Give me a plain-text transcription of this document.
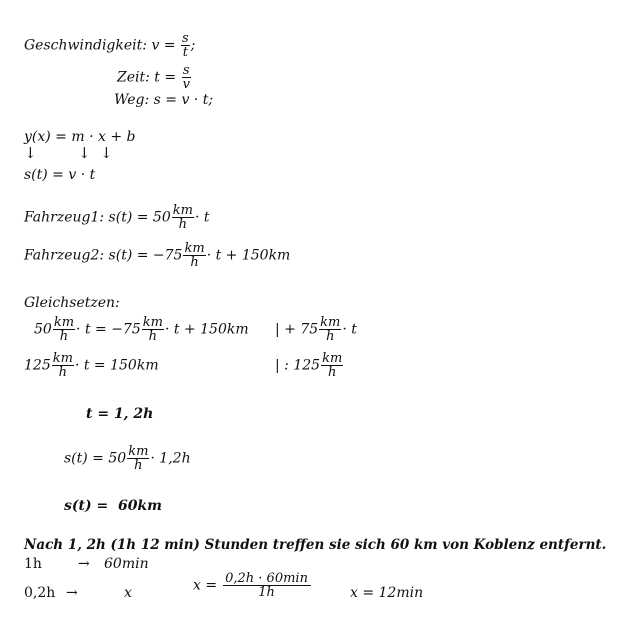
Geschwindigkeit: $v = \frac{s}{t}$ ;
Zeit: $t = \frac{s}{v}$
Weg: s = v · t;
y(x) = m · x + b
↓	↓ ↓
s(t) = v · t
Fahrzeug1: $s(t) = 50 \frac{km}{h} \cdot t$
Fahrzeug2: $s(t) = -75 \frac{km}{h} \cdot t + 150km$
Gleichsetzen:
$50 \frac{km}{h} \cdot t = -75 \frac{km}{h} \cdot t + 150km$ | + $75 \frac{km}{h} \cdot t$
$125 \frac{km}{h} \cdot t = 150km$	| : $125 \frac{km}{h}$
t = 1, 2h
$s(t) = 50 \frac{km}{h} \cdot 1,2h$
s(t) = 60km
Nach 1, 2h (1h 12 min) Stunden treffen sie sich 60 km von Koblenz entfernt.
1h	→ 60min
0,2h →	x	x = 0,2h · 60min
1h	x = 12min
